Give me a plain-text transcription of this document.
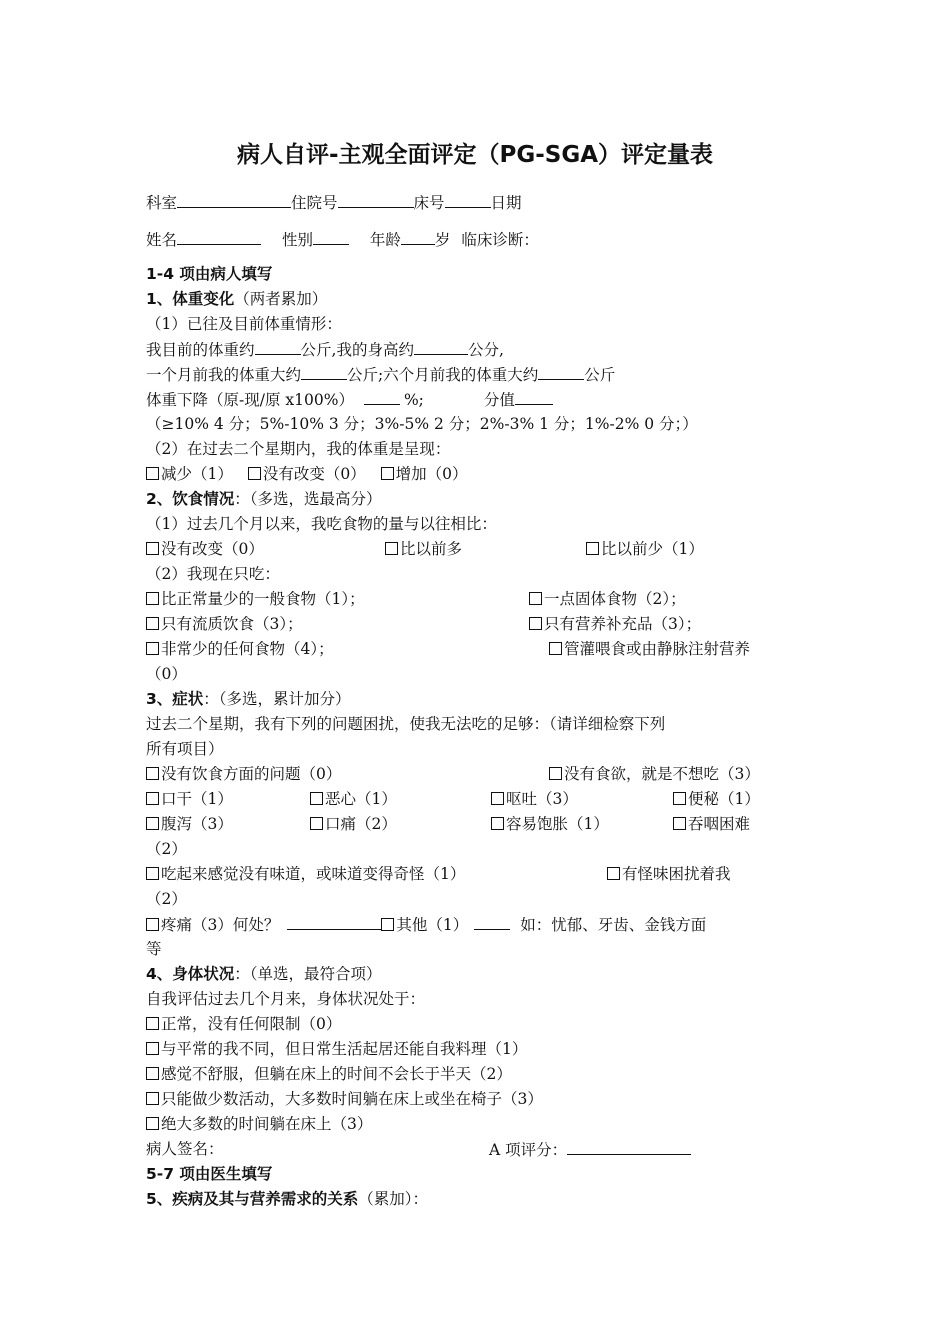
病人自评-主观全面评定（PG-SGA）评定量表
科室	住院号	床号	日期
姓名	性别	年龄 岁 临床诊断：
1-4 项由病人填写
1、体重变化（两者累加）
（1）已往及目前体重情形：
我目前的体重约	公斤,我的身高约	公分,
一个月前我的体重大约	公斤;六个月前我的体重大约	公斤
体重下降（原-现/原 x100%）	%;	分值
（≥10% 4 分；5%-10% 3 分；3%-5% 2 分；2%-3% 1 分；1%-2% 0 分；）
（2）在过去二个星期内，我的体重是呈现：
减少（1） 没有改变（0） 增加（0）
2、饮食情况：（多选，选最高分）
（1）过去几个月以来，我吃食物的量与以往相比：
没有改变（0）	比以前多	比以前少（1）
（2）我现在只吃：
比正常量少的一般食物（1）；	一点固体食物（2）；
只有流质饮食（3）；	只有营养补充品（3）；
非常少的任何食物（4）；	管灌喂食或由静脉注射营养
（0）
3、症状：（多选，累计加分）
过去二个星期，我有下列的问题困扰，使我无法吃的足够：（请详细检察下列
所有项目）
没有饮食方面的问题（0）	没有食欲，就是不想吃（3）
口干（1）	恶心（1）	呕吐（3）	便秘（1）
腹泻（3）	口痛（2）	容易饱胀（1）	吞咽困难
（2）
吃起来感觉没有味道，或味道变得奇怪（1）	有怪味困扰着我
（2）
疼痛（3）何处？	其他（1）	如：忧郁、牙齿、金钱方面
等
4、身体状况：（单选，最符合项）
自我评估过去几个月来，身体状况处于：
正常，没有任何限制（0）
与平常的我不同，但日常生活起居还能自我料理（1）
感觉不舒服，但躺在床上的时间不会长于半天（2）
只能做少数活动，大多数时间躺在床上或坐在椅子（3）
绝大多数的时间躺在床上（3）
病人签名：	A 项评分：
5-7 项由医生填写
5、疾病及其与营养需求的关系（累加）：
